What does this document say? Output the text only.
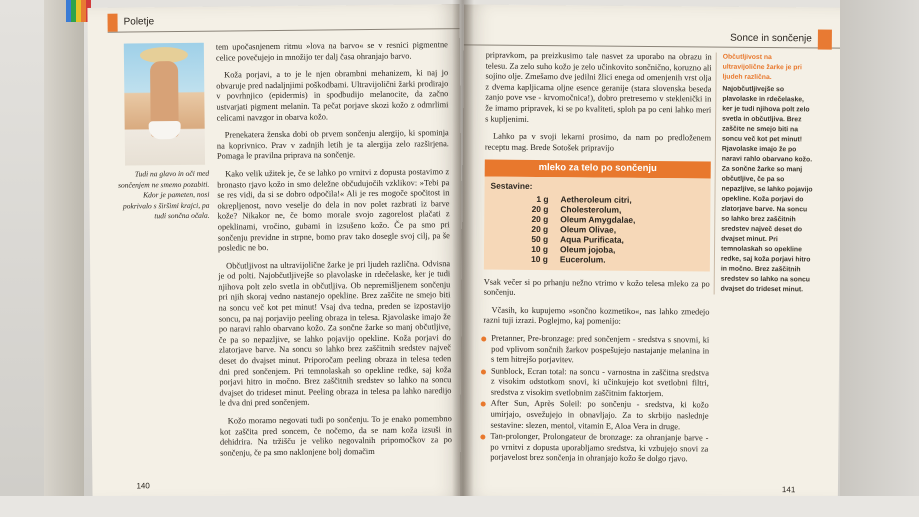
Poletje
Tudi na glavo in oči med sončenjem ne smemo pozabiti. Kdor je pameten, nosi pokrivalo s širšimi krajci, pa tudi sončna očala.

tem upočasnjenem ritmu »lova na barvo« se v resnici pigmentne celice povečujejo in množijo ter dalj časa ohranjajo barvo.

Koža porjavi, a to je le njen obrambni mehanizem, ki naj jo obvaruje pred nadaljnjimi poškodbami. Ultravijolični žarki prodirajo v povrhnjico (epidermis) in spodbudijo melanocite, da začno ustvarjati pigment melanin. Ta pečat porjave skozi kožo z odmrlimi celicami navzgor in obarva kožo.

Prenekatera ženska dobi ob prvem sončenju alergijo, ki spominja na koprivnico. Prav v zadnjih letih je ta alergija zelo razširjena. Pomaga le pravilna priprava na sončenje.

Kako velik užitek je, če se lahko po vrnitvi z dopusta postavimo z bronasto rjavo kožo in smo deležne občudujočih vzklikov: »Tebi pa se res vidi, da si se dobro odpočila!« Ali je res mogoče spočitost in okrepljenost, novo veselje do dela in nov polet razbrati iz barve kože? Nikakor ne, če bomo morale svojo zagorelost plačati z opeklinami, vročino, gubami in izsušeno kožo. Če pa smo pri sončenju previdne in strpne, bomo prav tako dosegle svoj cilj, pa še posledic ne bo.

Občutljivost na ultravijolične žarke je pri ljudeh različna. Odvisna je od polti. Najobčutljivejše so plavolaske in rdečelaske, ker je tudi njihova polt zelo svetla in občutljiva. Ob nepremišljenem sončenju pri njih skoraj vedno nastanejo opekline. Brez zaščite ne smejo biti na soncu več kot pet minut! Vsaj dva tedna, preden se izpostavijo soncu, pa naj porjavijo peeling obraza in telesa. Rjavolaske imajo že po naravi rahlo obarvano kožo. Za sončne žarke so manj občutljive, če pa so nepazljive, se lahko pojavijo opekline. Koža porjavi do zlatorjave barve. Na soncu so lahko brez zaščitnih sredstev največ deset do dvajset minut. Priporočam peeling obraza in telesa teden dni pred sončenjem. Pri temnolaskah so opekline redke, saj koža porjavi hitro in močno. Brez zaščitnih sredstev so lahko na soncu dvajset do trideset minut. Peeling obraza in telesa pa lahko naredijo le dva dni pred sončenjem.

Kožo moramo negovati tudi po sončenju. To je enako pomembno kot zaščita pred soncem, če nočemo, da se nam koža izsuši in dehidrira. Na tržišču je veliko negovalnih pripomočkov za po sončenju, če pa smo naklonjene bolj domačim

140
Sonce in sončenje

pripravkom, pa preizkusimo tale nasvet za uporabo na obrazu in telesu. Za zelo suho kožo je zelo učinkovito sončnično, koruzno ali sojino olje. Zmešamo dve jedilni žlici enega od omenjenih vrst olja z dvema kapljicama oljne esence geranije (stara slovenska beseda zanjo pove vse - krvomočnica!), dobro pretresemo v steklenički in že imamo pripravek, ki se po kvaliteti, sploh pa po ceni lahko meri s kupljenimi.

Lahko pa v svoji lekarni prosimo, da nam po predloženem receptu mag. Brede Sotošek pripravijo

mleko za telo po sončenju
Sestavine:
1 g	Aetheroleum citri,
20 g	Cholesterolum,
20 g	Oleum Amygdalae,
20 g	Oleum Olivae,
50 g	Aqua Purificata,
10 g	Oleum jojoba,
10 g	Eucerolum.

Vsak večer si po prhanju nežno vtrimo v kožo telesa mleko za po sončenju.

Včasih, ko kupujemo »sončno kozmetiko«, nas lahko zmedejo razni tuji izrazi. Poglejmo, kaj pomenijo:

Pretanner, Pre-bronzage: pred sončenjem - sredstva s snovmi, ki pod vplivom sončnih žarkov pospešujejo nastajanje melanina in s tem hitrejšo porjavitev.
Sunblock, Ecran total: na soncu - varnostna in zaščitna sredstva z visokim odstotkom snovi, ki učinkujejo kot svetlobni filtri, sredstva z visokim svetlobnim zaščitnim faktorjem.
After Sun, Après Soleil: po sončenju - sredstva, ki kožo umirjajo, osvežujejo in obnavljajo. Za to skrbijo naslednje sestavine: slezen, mentol, vitamin E, Aloa Vera in druge.
Tan-prolonger, Prolongateur de bronzage: za ohranjanje barve - po vrnitvi z dopusta uporabljamo sredstva, ki vzbujejo snovi za porjavelost brez sončenja in ohranjajo kožo še dolgo rjavo.
Občutljivost na ultravijolične žarke je pri ljudeh različna.
Najobčutljivejše so plavolaske in rdečelaske, ker je tudi njihova polt zelo svetla in občutljiva. Brez zaščite ne smejo biti na soncu več kot pet minut! Rjavolaske imajo že po naravi rahlo obarvano kožo. Za sončne žarke so manj občutljive, če pa so nepazljive, se lahko pojavijo opekline. Koža porjavi do zlatorjave barve. Na soncu so lahko brez zaščitnih sredstev največ deset do dvajset minut. Pri temnolaskah so opekline redke, saj koža porjavi hitro in močno. Brez zaščitnih sredstev so lahko na soncu dvajset do trideset minut.
141
